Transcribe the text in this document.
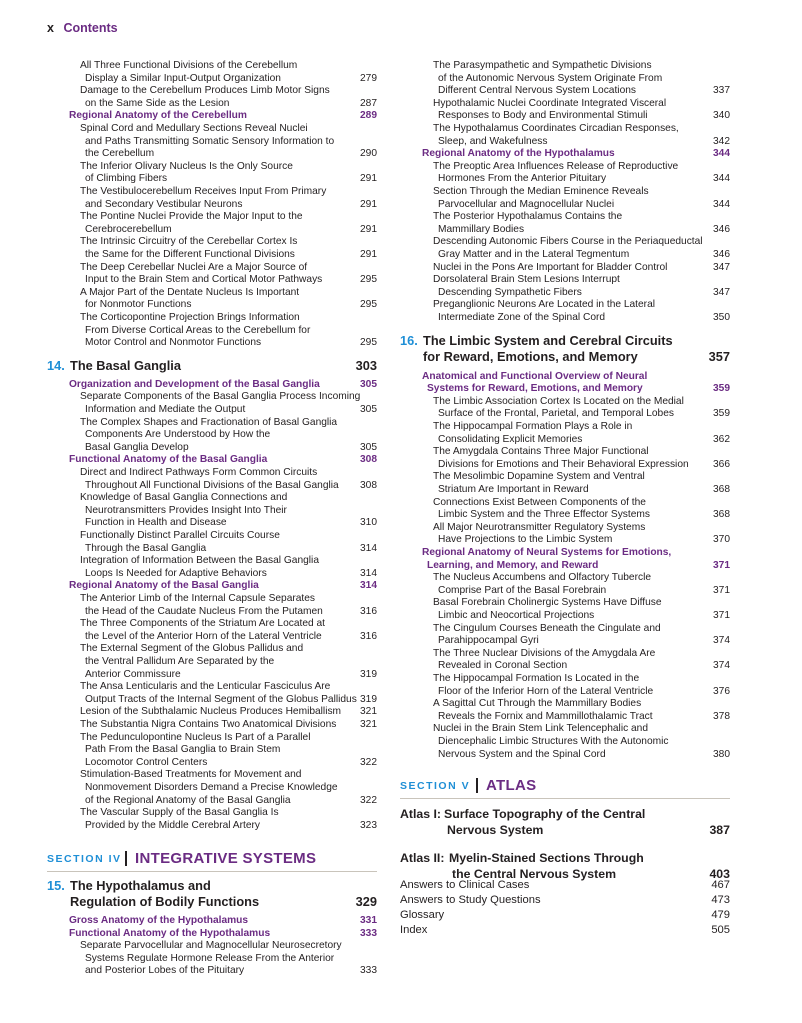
x Contents
All Three Functional Divisions of the Cerebellum
Display a Similar Input-Output Organization	279
Damage to the Cerebellum Produces Limb Motor Signs
on the Same Side as the Lesion	287
Regional Anatomy of the Cerebellum	289
Spinal Cord and Medullary Sections Reveal Nuclei
and Paths Transmitting Somatic Sensory Information to
the Cerebellum	290
The Inferior Olivary Nucleus Is the Only Source
of Climbing Fibers	291
The Vestibulocerebellum Receives Input From Primary
and Secondary Vestibular Neurons	291
The Pontine Nuclei Provide the Major Input to the
Cerebrocerebellum	291
The Intrinsic Circuitry of the Cerebellar Cortex Is
the Same for the Different Functional Divisions	291
The Deep Cerebellar Nuclei Are a Major Source of
Input to the Brain Stem and Cortical Motor Pathways	295
A Major Part of the Dentate Nucleus Is Important
for Nonmotor Functions	295
The Corticopontine Projection Brings Information
From Diverse Cortical Areas to the Cerebellum for
Motor Control and Nonmotor Functions	295
14. The Basal Ganglia	303
Organization and Development of the Basal Ganglia	305
Separate Components of the Basal Ganglia Process Incoming
Information and Mediate the Output	305
The Complex Shapes and Fractionation of Basal Ganglia
Components Are Understood by How the
Basal Ganglia Develop	305
Functional Anatomy of the Basal Ganglia	308
Direct and Indirect Pathways Form Common Circuits
Throughout All Functional Divisions of the Basal Ganglia	308
Knowledge of Basal Ganglia Connections and
Neurotransmitters Provides Insight Into Their
Function in Health and Disease	310
Functionally Distinct Parallel Circuits Course
Through the Basal Ganglia	314
Integration of Information Between the Basal Ganglia
Loops Is Needed for Adaptive Behaviors	314
Regional Anatomy of the Basal Ganglia	314
The Anterior Limb of the Internal Capsule Separates
the Head of the Caudate Nucleus From the Putamen	316
The Three Components of the Striatum Are Located at
the Level of the Anterior Horn of the Lateral Ventricle	316
The External Segment of the Globus Pallidus and
the Ventral Pallidum Are Separated by the
Anterior Commissure	319
The Ansa Lenticularis and the Lenticular Fasciculus Are
Output Tracts of the Internal Segment of the Globus Pallidus 319
Lesion of the Subthalamic Nucleus Produces Hemiballism	321
The Substantia Nigra Contains Two Anatomical Divisions	321
The Pedunculopontine Nucleus Is Part of a Parallel
Path From the Basal Ganglia to Brain Stem
Locomotor Control Centers	322
Stimulation-Based Treatments for Movement and
Nonmovement Disorders Demand a Precise Knowledge
of the Regional Anatomy of the Basal Ganglia	322
The Vascular Supply of the Basal Ganglia Is
Provided by the Middle Cerebral Artery	323
15. The Hypothalamus and
Regulation of Bodily Functions	329
Gross Anatomy of the Hypothalamus	331
Functional Anatomy of the Hypothalamus	333
Separate Parvocellular and Magnocellular Neurosecretory
Systems Regulate Hormone Release From the Anterior
and Posterior Lobes of the Pituitary	333
The Parasympathetic and Sympathetic Divisions
of the Autonomic Nervous System Originate From
Different Central Nervous System Locations	337
Hypothalamic Nuclei Coordinate Integrated Visceral
Responses to Body and Environmental Stimuli	340
The Hypothalamus Coordinates Circadian Responses,
Sleep, and Wakefulness	342
Regional Anatomy of the Hypothalamus	344
The Preoptic Area Influences Release of Reproductive
Hormones From the Anterior Pituitary	344
Section Through the Median Eminence Reveals
Parvocellular and Magnocellular Nuclei	344
The Posterior Hypothalamus Contains the
Mammillary Bodies	346
Descending Autonomic Fibers Course in the Periaqueductal
Gray Matter and in the Lateral Tegmentum	346
Nuclei in the Pons Are Important for Bladder Control	347
Dorsolateral Brain Stem Lesions Interrupt
Descending Sympathetic Fibers	347
Preganglionic Neurons Are Located in the Lateral
Intermediate Zone of the Spinal Cord	350
16. The Limbic System and Cerebral Circuits
for Reward, Emotions, and Memory	357
Anatomical and Functional Overview of Neural
Systems for Reward, Emotions, and Memory	359
The Limbic Association Cortex Is Located on the Medial
Surface of the Frontal, Parietal, and Temporal Lobes	359
The Hippocampal Formation Plays a Role in
Consolidating Explicit Memories	362
The Amygdala Contains Three Major Functional
Divisions for Emotions and Their Behavioral Expression	366
The Mesolimbic Dopamine System and Ventral
Striatum Are Important in Reward	368
Connections Exist Between Components of the
Limbic System and the Three Effector Systems	368
All Major Neurotransmitter Regulatory Systems
Have Projections to the Limbic System	370
Regional Anatomy of Neural Systems for Emotions,
Learning, and Memory, and Reward	371
The Nucleus Accumbens and Olfactory Tubercle
Comprise Part of the Basal Forebrain	371
Basal Forebrain Cholinergic Systems Have Diffuse
Limbic and Neocortical Projections	371
The Cingulum Courses Beneath the Cingulate and
Parahippocampal Gyri	374
The Three Nuclear Divisions of the Amygdala Are
Revealed in Coronal Section	374
The Hippocampal Formation Is Located in the
Floor of the Inferior Horn of the Lateral Ventricle	376
A Sagittal Cut Through the Mammillary Bodies
Reveals the Fornix and Mammillothalamic Tract	378
Nuclei in the Brain Stem Link Telencephalic and
Diencephalic Limbic Structures With the Autonomic
Nervous System and the Spinal Cord	380
Atlas I: Surface Topography of the Central
Nervous System	387
Atlas II: Myelin-Stained Sections Through
the Central Nervous System	403
Answers to Clinical Cases	467
Answers to Study Questions	473
Glossary	479
Index	505
SECTION IV INTEGRATIVE SYSTEMS
SECTION V ATLAS
